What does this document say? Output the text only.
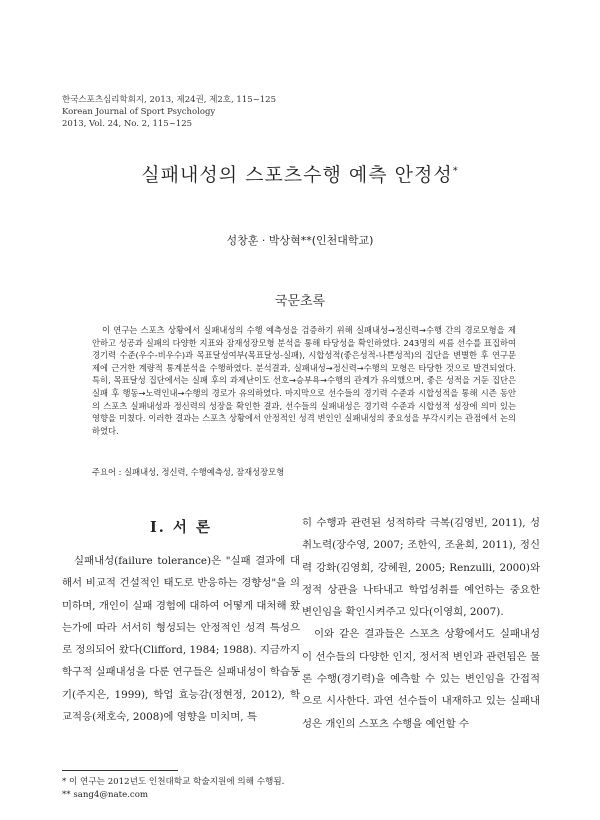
한국스포츠심리학회지, 2013, 제24권, 제2호, 115~125
Korean Journal of Sport Psychology
2013, Vol. 24, No. 2, 115~125
실패내성의 스포츠수행 예측 안정성*
성창훈 · 박상혁**(인천대학교)
국문초록

이 연구는 스포츠 상황에서 실패내성의 수행 예측성을 검증하기 위해 실패내성→정신력→수행 간의 경로모형을 제안하고 성공과 실패의 다양한 지표와 잠재성장모형 분석을 통해 타당성을 확인하였다. 243명의 씨름 선수를 표집하여 경기력 수준(우수-비우수)과 목표달성여부(목표달성-실패), 시합성적(좋은성적-나쁜성적)의 집단을 변별한 후 연구문제에 근거한 계량적 통계분석을 수행하였다. 분석결과, 실패내성→정신력→수행의 모형은 타당한 것으로 발견되었다. 특히, 목표달성 집단에서는 실패 후의 과제난이도 선호→승부욕→수행의 관계가 유의했으며, 좋은 성적을 거둔 집단은 실패 후 행동→노력인내→수행의 경로가 유의하였다. 마지막으로 선수들의 경기력 수준과 시합성적을 통해 시즌 동안의 스포츠 실패내성과 정신력의 성장을 확인한 결과, 선수들의 실패내성은 경기력 수준과 시합성적 성장에 의미 있는 영향을 미쳤다. 이러한 결과는 스포츠 상황에서 안정적인 성격 변인인 실패내성의 중요성을 부각시키는 관점에서 논의하였다.

주요어 : 실패내성, 정신력, 수행예측성, 잠재성장모형
Ⅰ. 서 론

실패내성(failure tolerance)은 "실패 결과에 대해서 비교적 건설적인 태도로 반응하는 경향성"을 의미하며, 개인이 실패 경험에 대하여 어떻게 대처해 왔는가에 따라 서서히 형성되는 안정적인 성격 특성으로 정의되어 왔다(Clifford, 1984; 1988). 지금까지 학구적 실패내성을 다룬 연구들은 실패내성이 학습동기(주지은, 1999), 학업 효능감(정현정, 2012), 학교적응(채호숙, 2008)에 영향을 미치며, 특

히 수행과 관련된 성적하락 극복(김영빈, 2011), 성취노력(장수영, 2007; 조한익, 조윤희, 2011), 정신력 강화(김영희, 강혜원, 2005; Renzulli, 2000)와 정적 상관을 나타내고 학업성취를 예언하는 중요한 변인임을 확인시켜주고 있다(이영희, 2007).

이와 같은 결과들은 스포츠 상황에서도 실패내성이 선수들의 다양한 인지, 정서적 변인과 관련됨은 물론 수행(경기력)을 예측할 수 있는 변인임을 간접적으로 시사한다. 과연 선수들이 내재하고 있는 실패내성은 개인의 스포츠 수행을 예언할 수

* 이 연구는 2012년도 인천대학교 학술지원에 의해 수행됨.
** sang4@nate.com
